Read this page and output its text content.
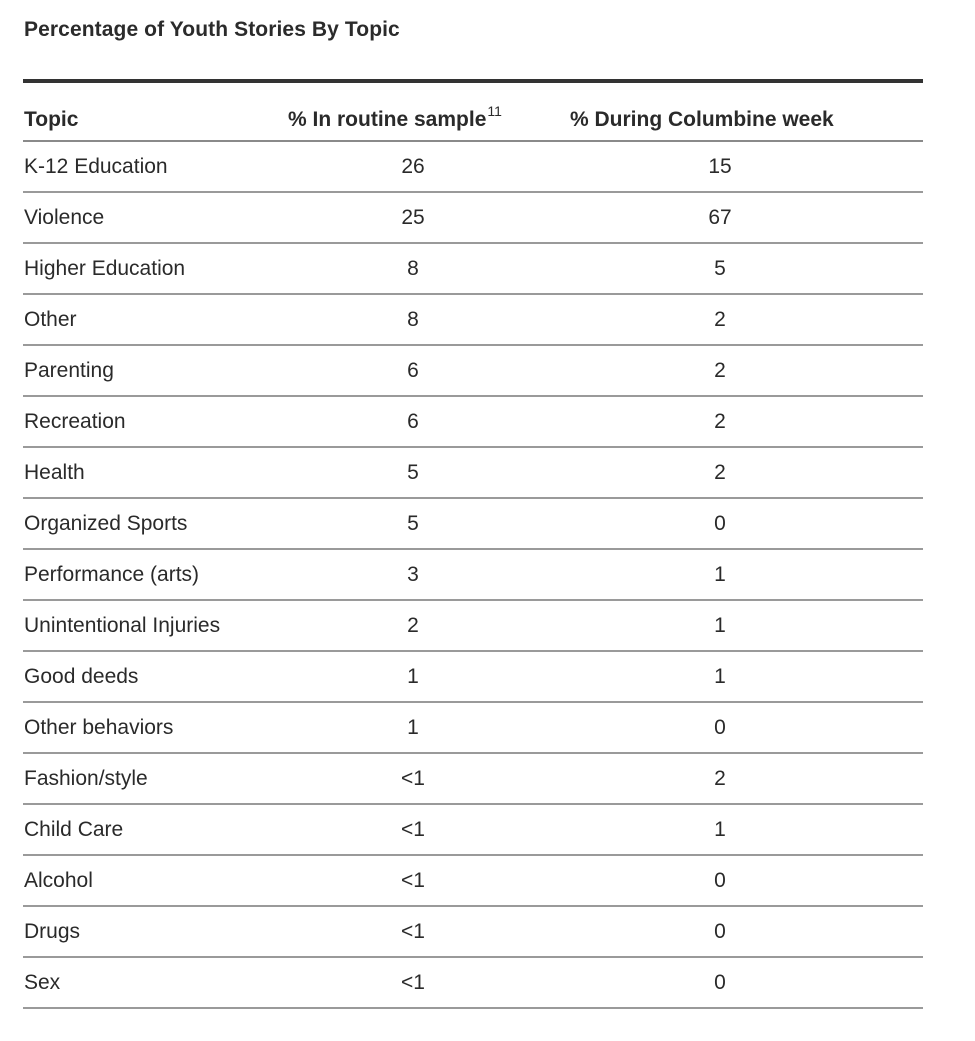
Percentage of Youth Stories By Topic
Topic	% In routine sample 11	% During Columbine week
K-12 Education	26	15
Violence	25	67
Higher Education	8	5
Other	8	2
Parenting	6	2
Recreation	6	2
Health	5	2
Organized Sports	5	0
Performance (arts)	3	1
Unintentional Injuries	2	1
Good deeds	1	1
Other behaviors	1	0
Fashion/style	<1	2
Child Care	<1	1
Alcohol	<1	0
Drugs	<1	0
Sex	<1	0
